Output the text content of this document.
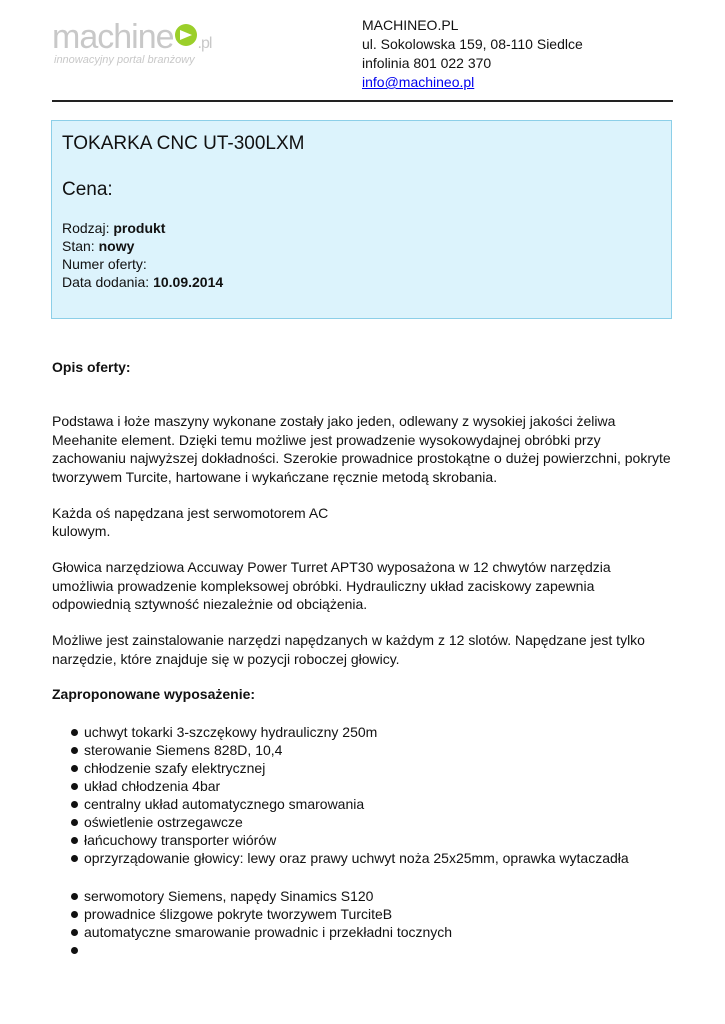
machine .pl
innowacyjny portal branżowy
MACHINEO.PL
ul. Sokolowska 159, 08-110 Siedlce
infolinia 801 022 370
info@machineo.pl
TOKARKA CNC UT-300LXM
Cena:
Rodzaj: produkt
Stan: nowy
Numer oferty:
Data dodania: 10.09.2014
Opis oferty:

Podstawa i łoże maszyny wykonane zostały jako jeden, odlewany z wysokiej jakości żeliwa Meehanite element. Dzięki temu możliwe jest prowadzenie wysokowydajnej obróbki przy zachowaniu najwyższej dokładności. Szerokie prowadnice prostokątne o dużej powierzchni, pokryte tworzywem Turcite, hartowane i wykańczane ręcznie metodą skrobania.

Każda oś napędzana jest serwomotorem AC

kulowym.

Głowica narzędziowa Accuway Power Turret APT30 wyposażona w 12 chwytów narzędzia umożliwia prowadzenie kompleksowej obróbki. Hydrauliczny układ zaciskowy zapewnia odpowiednią sztywność niezależnie od obciążenia.

Możliwe jest zainstalowanie narzędzi napędzanych w każdym z 12 slotów. Napędzane jest tylko narzędzie, które znajduje się w pozycji roboczej głowicy.

Zaproponowane wyposażenie:
uchwyt tokarki 3-szczękowy hydrauliczny 250m
sterowanie Siemens 828D, 10,4
chłodzenie szafy elektrycznej
układ chłodzenia 4bar
centralny układ automatycznego smarowania
oświetlenie ostrzegawcze
łańcuchowy transporter wiórów
oprzyrządowanie głowicy: lewy oraz prawy uchwyt noża 25x25mm, oprawka wytaczadła
serwomotory Siemens, napędy Sinamics S120
prowadnice ślizgowe pokryte tworzywem TurciteB
automatyczne smarowanie prowadnic i przekładni tocznych
